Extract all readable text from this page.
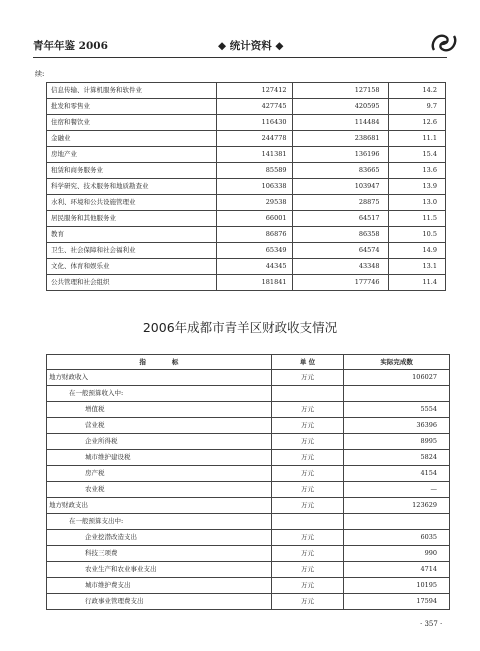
青年年鉴 2006	◆ 统计资料 ◆
续:
信息传输、计算机服务和软件业	127412	127158	14.2
批发和零售业	427745	420595	9.7
住宿和餐饮业	116430	114484	12.6
金融业	244778	238681	11.1
房地产业	141381	136196	15.4
租赁和商务服务业	85589	83665	13.6
科学研究、技术服务和地质勘查业	106338	103947	13.9
水利、环境和公共设施管理业	29538	28875	13.0
居民服务和其他服务业	66001	64517	11.5
教育	86876	86358	10.5
卫生、社会保障和社会福利业	65349	64574	14.9
文化、体育和娱乐业	44345	43348	13.1
公共管理和社会组织	181841	177746	11.4
2006年成都市青羊区财政收支情况
指　　　　标	单 位	实际完成数
地方财政收入	万元	106027
在一般预算收入中:		
增值税	万元	5554
营业税	万元	36396
企业所得税	万元	8995
城市维护建设税	万元	5824
房产税	万元	4154
农业税	万元	—
地方财政支出	万元	123629
在一般预算支出中:		
企业挖潜改造支出	万元	6035
科技三项费	万元	990
农业生产和农业事业支出	万元	4714
城市维护费支出	万元	10195
行政事业管理费支出	万元	17594
· 357 ·
